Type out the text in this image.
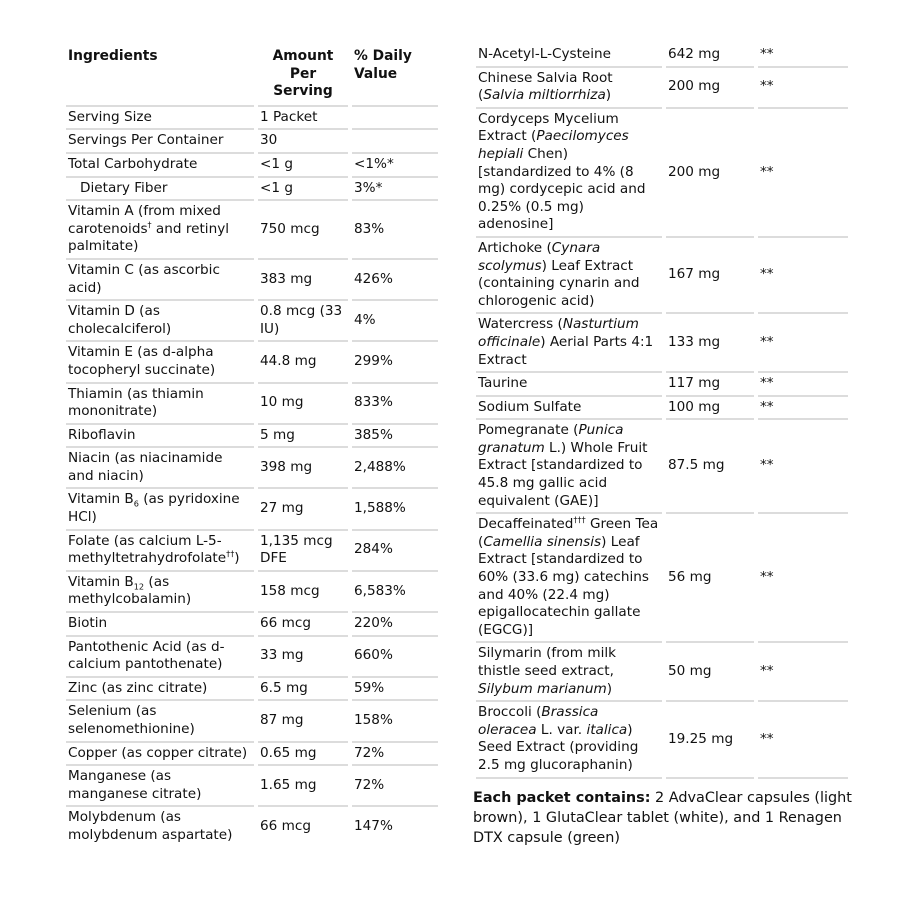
Ingredients		Amount Per Serving		% Daily Value
Serving Size		1 Packet		
Servings Per Container		30		
Total Carbohydrate		<1 g		<1%*
Dietary Fiber		<1 g		3%*
Vitamin A (from mixed carotenoids† and retinyl palmitate)		750 mcg		83%
Vitamin C (as ascorbic acid)		383 mg		426%
Vitamin D (as cholecalciferol)		0.8 mcg (33 IU)		4%
Vitamin E (as d-alpha tocopheryl succinate)		44.8 mg		299%
Thiamin (as thiamin mononitrate)		10 mg		833%
Riboflavin		5 mg		385%
Niacin (as niacinamide and niacin)		398 mg		2,488%
Vitamin $B_6$ (as pyridoxine HCl)		27 mg		1,588%
Folate (as calcium L-5-methyltetrahydrofolate††)		1,135 mcg DFE		284%
Vitamin $B_{12}$ (as methylcobalamin)		158 mcg		6,583%
Biotin		66 mcg		220%
Pantothenic Acid (as d-calcium pantothenate)		33 mg		660%
Zinc (as zinc citrate)		6.5 mg		59%
Selenium (as selenomethionine)		87 mg		158%
Copper (as copper citrate)		0.65 mg		72%
Manganese (as manganese citrate)		1.65 mg		72%
Molybdenum (as molybdenum aspartate)		66 mcg		147%
N-Acetyl-L-Cysteine		642 mg		**
Chinese Salvia Root (Salvia miltiorrhiza)		200 mg		**
Cordyceps Mycelium Extract (Paecilomyces hepiali Chen) [standardized to 4% (8 mg) cordycepic acid and 0.25% (0.5 mg) adenosine]		200 mg		**
Artichoke (Cynara scolymus) Leaf Extract (containing cynarin and chlorogenic acid)		167 mg		**
Watercress (Nasturtium officinale) Aerial Parts 4:1 Extract		133 mg		**
Taurine		117 mg		**
Sodium Sulfate		100 mg		**
Pomegranate (Punica granatum L.) Whole Fruit Extract [standardized to 45.8 mg gallic acid equivalent (GAE)]		87.5 mg		**
Decaffeinated††† Green Tea (Camellia sinensis) Leaf Extract [standardized to 60% (33.6 mg) catechins and 40% (22.4 mg) epigallocatechin gallate (EGCG)]		56 mg		**
Silymarin (from milk thistle seed extract, Silybum marianum)		50 mg		**
Broccoli (Brassica oleracea L. var. italica) Seed Extract (providing 2.5 mg glucoraphanin)		19.25 mg		**

Each packet contains: 2 AdvaClear capsules (light brown), 1 GlutaClear tablet (white), and 1 Renagen DTX capsule (green)
